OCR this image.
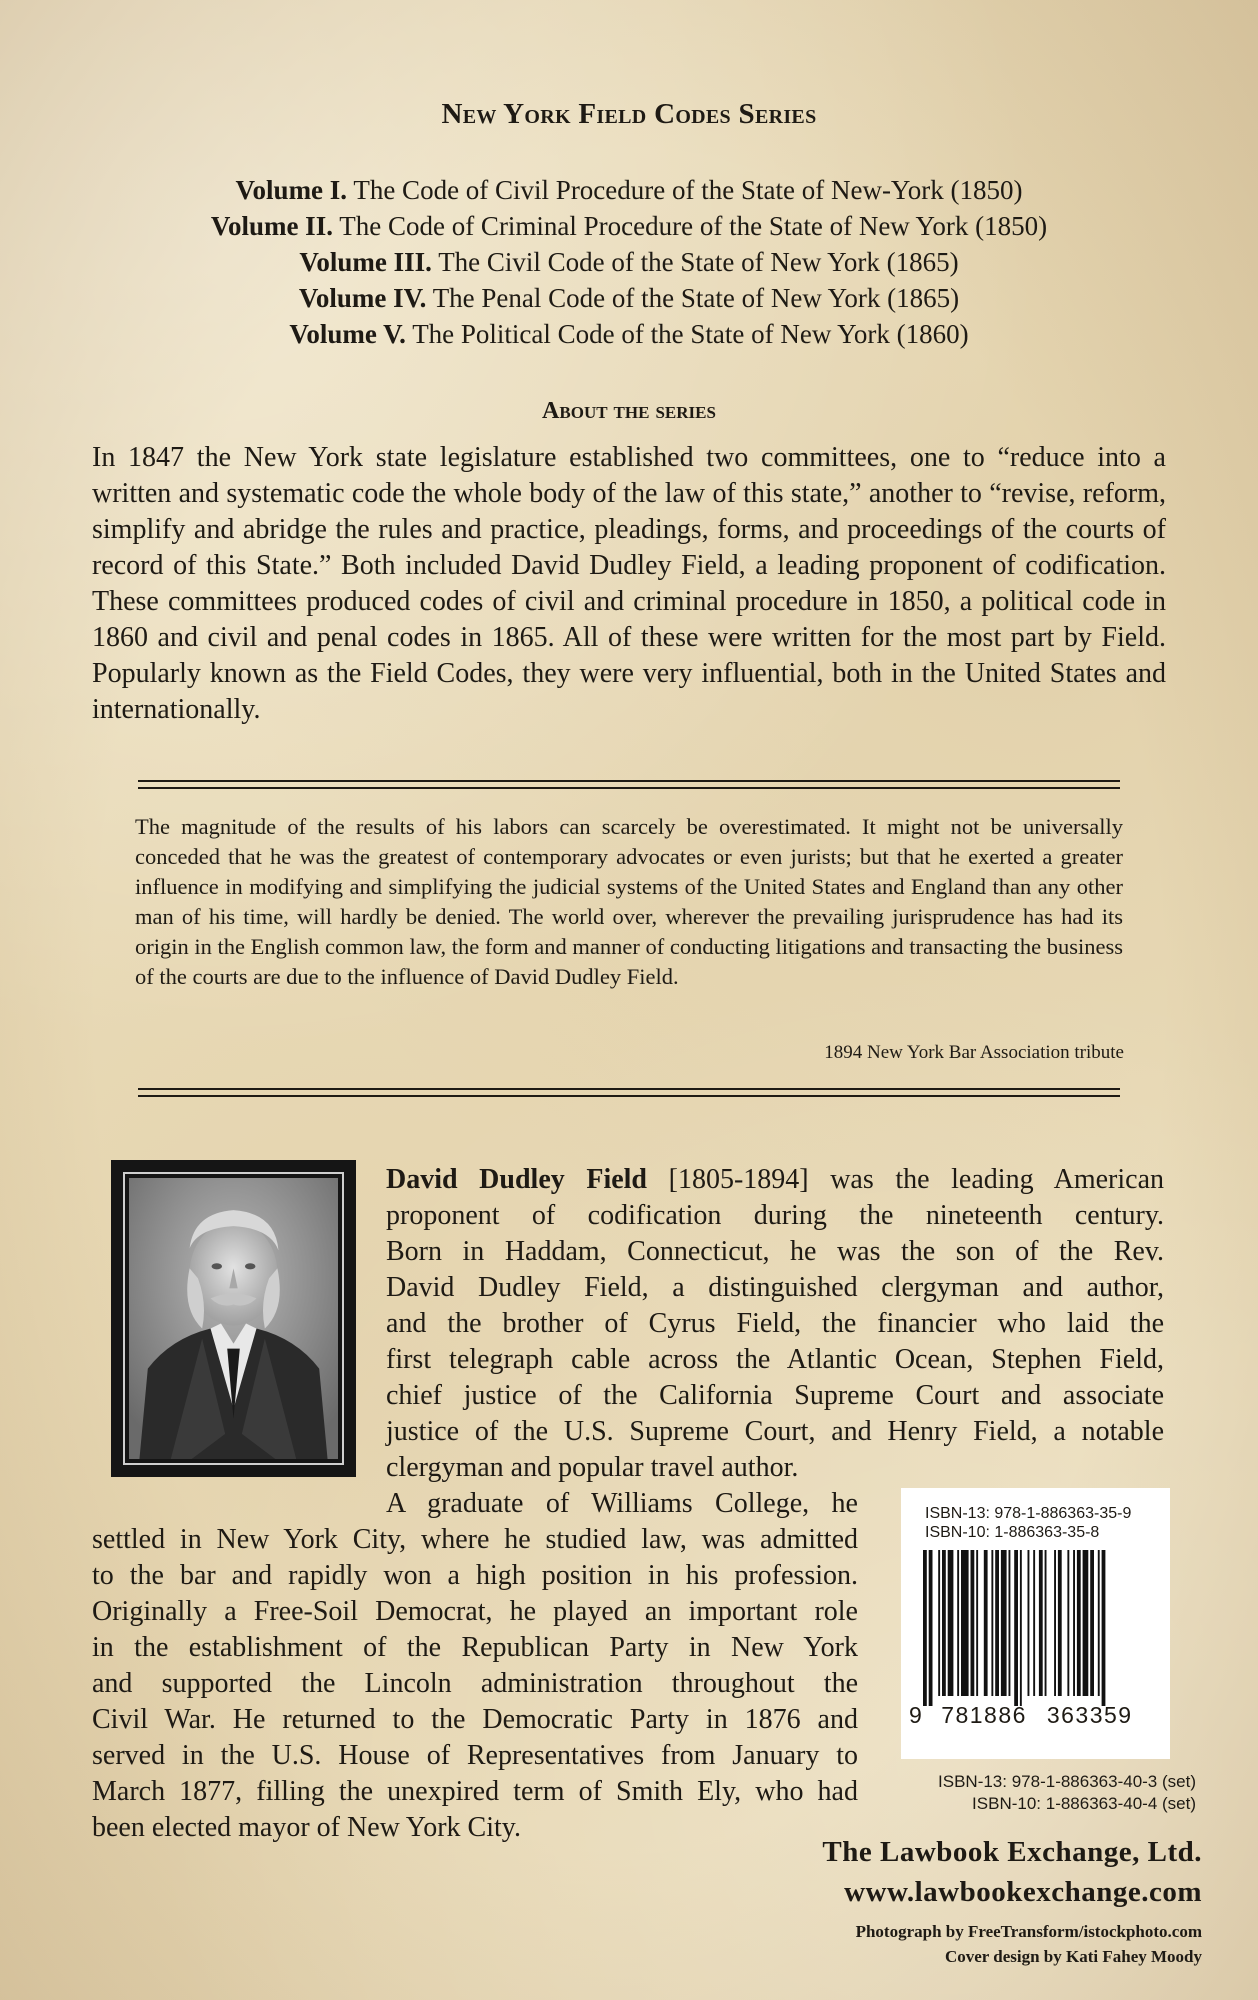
New York Field Codes Series
Volume I. The Code of Civil Procedure of the State of New-York (1850)
Volume II. The Code of Criminal Procedure of the State of New York (1850)
Volume III. The Civil Code of the State of New York (1865)
Volume IV. The Penal Code of the State of New York (1865)
Volume V. The Political Code of the State of New York (1860)
About the series
In 1847 the New York state legislature established two committees, one to “reduce into a written and systematic code the whole body of the law of this state,” another to “revise, reform, simplify and abridge the rules and practice, pleadings, forms, and proceedings of the courts of record of this State.” Both included David Dudley Field, a leading proponent of codification. These committees produced codes of civil and criminal procedure in 1850, a political code in 1860 and civil and penal codes in 1865. All of these were written for the most part by Field. Popularly known as the Field Codes, they were very influential, both in the United States and internationally.
The magnitude of the results of his labors can scarcely be overestimated. It might not be universally conceded that he was the greatest of contemporary advocates or even jurists; but that he exerted a greater influence in modifying and simplifying the judicial systems of the United States and England than any other man of his time, will hardly be denied. The world over, wherever the prevailing jurisprudence has had its origin in the English common law, the form and manner of conducting litigations and transacting the business of the courts are due to the influence of David Dudley Field.
1894 New York Bar Association tribute
David Dudley Field [1805-1894] was the leading American
proponent of codification during the nineteenth century.
Born in Haddam, Connecticut, he was the son of the Rev.
David Dudley Field, a distinguished clergyman and author,
and the brother of Cyrus Field, the financier who laid the
first telegraph cable across the Atlantic Ocean, Stephen Field,
chief justice of the California Supreme Court and associate
justice of the U.S. Supreme Court, and Henry Field, a notable
clergyman and popular travel author.
A graduate of Williams College, he
settled in New York City, where he studied law, was admitted
to the bar and rapidly won a high position in his profession.
Originally a Free-Soil Democrat, he played an important role
in the establishment of the Republican Party in New York
and supported the Lincoln administration throughout the
Civil War. He returned to the Democratic Party in 1876 and
served in the U.S. House of Representatives from January to
March 1877, filling the unexpired term of Smith Ely, who had
been elected mayor of New York City.
ISBN-13: 978-1-886363-35-9
ISBN-10: 1-886363-35-8
9 781886 363359
ISBN-13: 978-1-886363-40-3 (set)
ISBN-10: 1-886363-40-4 (set)
The Lawbook Exchange, Ltd.
www.lawbookexchange.com
Photograph by FreeTransform/istockphoto.com
Cover design by Kati Fahey Moody
